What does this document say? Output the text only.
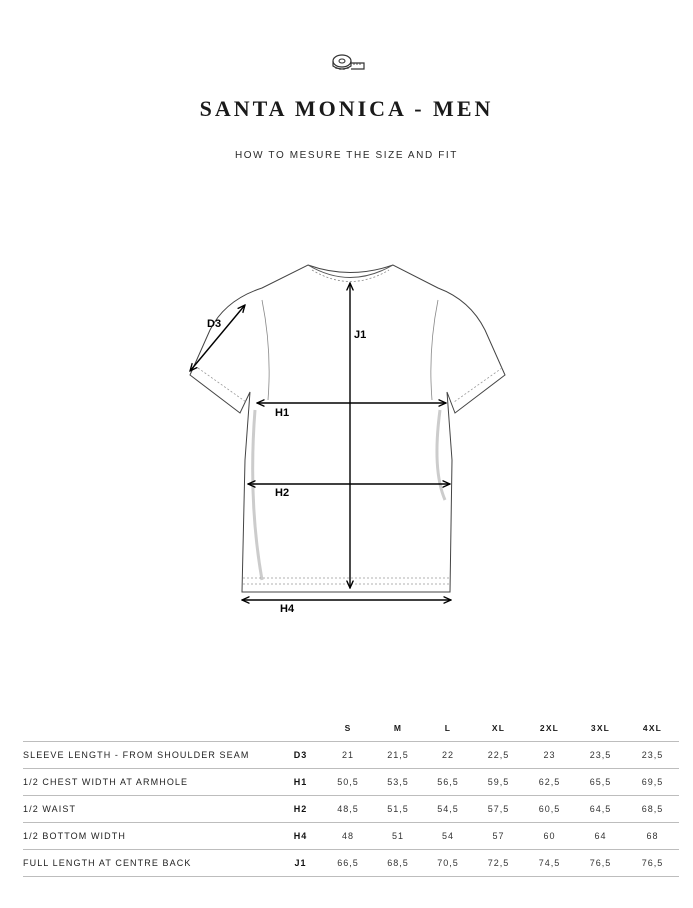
SANTA MONICA - MEN
HOW TO MESURE THE SIZE AND FIT
D3
J1
H1
H2
H4
		S	M	L	XL	2XL	3XL	4XL
SLEEVE LENGTH - FROM SHOULDER SEAM	D3	21	21,5	22	22,5	23	23,5	23,5
1/2 CHEST WIDTH AT ARMHOLE	H1	50,5	53,5	56,5	59,5	62,5	65,5	69,5
1/2 WAIST	H2	48,5	51,5	54,5	57,5	60,5	64,5	68,5
1/2 BOTTOM WIDTH	H4	48	51	54	57	60	64	68
FULL LENGTH AT CENTRE BACK	J1	66,5	68,5	70,5	72,5	74,5	76,5	76,5
